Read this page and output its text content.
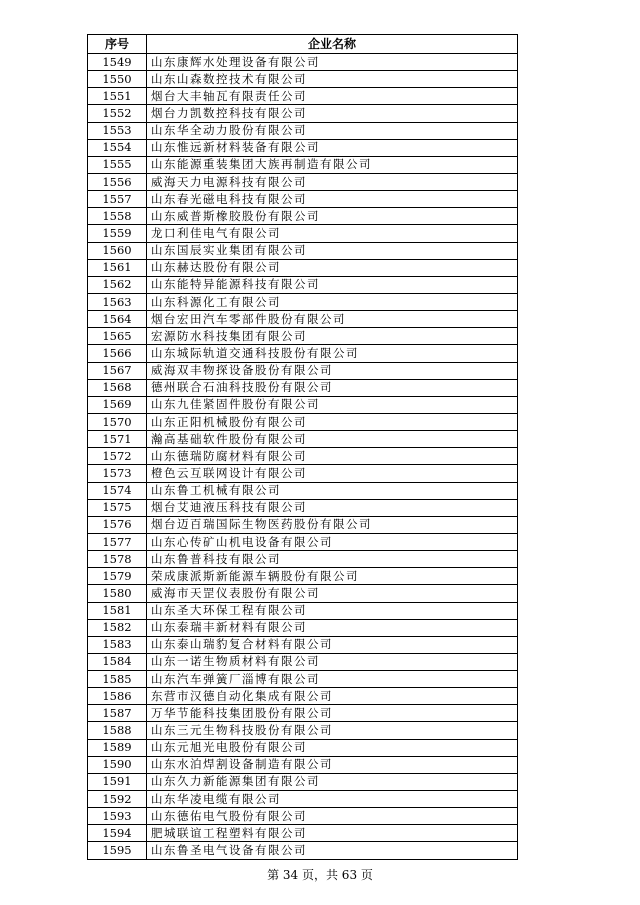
序号	企业名称
1549	山东康辉水处理设备有限公司
1550	山东山森数控技术有限公司
1551	烟台大丰轴瓦有限责任公司
1552	烟台力凯数控科技有限公司
1553	山东华全动力股份有限公司
1554	山东惟远新材料装备有限公司
1555	山东能源重装集团大族再制造有限公司
1556	威海天力电源科技有限公司
1557	山东春光磁电科技有限公司
1558	山东威普斯橡胶股份有限公司
1559	龙口利佳电气有限公司
1560	山东国辰实业集团有限公司
1561	山东赫达股份有限公司
1562	山东能特异能源科技有限公司
1563	山东科源化工有限公司
1564	烟台宏田汽车零部件股份有限公司
1565	宏源防水科技集团有限公司
1566	山东城际轨道交通科技股份有限公司
1567	威海双丰物探设备股份有限公司
1568	德州联合石油科技股份有限公司
1569	山东九佳紧固件股份有限公司
1570	山东正阳机械股份有限公司
1571	瀚高基础软件股份有限公司
1572	山东德瑞防腐材料有限公司
1573	橙色云互联网设计有限公司
1574	山东鲁工机械有限公司
1575	烟台艾迪液压科技有限公司
1576	烟台迈百瑞国际生物医药股份有限公司
1577	山东心传矿山机电设备有限公司
1578	山东鲁普科技有限公司
1579	荣成康派斯新能源车辆股份有限公司
1580	威海市天罡仪表股份有限公司
1581	山东圣大环保工程有限公司
1582	山东泰瑞丰新材料有限公司
1583	山东泰山瑞豹复合材料有限公司
1584	山东一诺生物质材料有限公司
1585	山东汽车弹簧厂淄博有限公司
1586	东营市汉德自动化集成有限公司
1587	万华节能科技集团股份有限公司
1588	山东三元生物科技股份有限公司
1589	山东元旭光电股份有限公司
1590	山东水泊焊割设备制造有限公司
1591	山东久力新能源集团有限公司
1592	山东华凌电缆有限公司
1593	山东德佑电气股份有限公司
1594	肥城联谊工程塑料有限公司
1595	山东鲁圣电气设备有限公司
第 34 页，共 63 页
